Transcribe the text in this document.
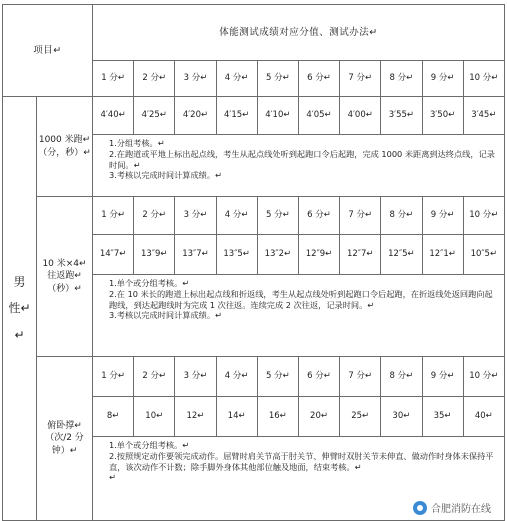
项目↵		体能测试成绩对应分值、测试办法↵									
		1 分↵	2 分↵	3 分↵	4 分↵	5 分↵	6 分↵	7 分↵	8 分↵	9 分↵	10 分↵
男
性↵
↵	1000 米跑↵
（分，秒）↵	4′40↵	4′25↵	4′20↵	4′15↵	4′10↵	4′05↵	4′00↵	3′55↵	3′50↵	3′45↵

		1.分组考核。↵

2.在跑道或平地上标出起点线，考生从起点线处听到起跑口令后起跑，完成 1000 米距离到达终点线，记录时间。↵

3.考核以完成时间计算成绩。↵									

	10 米×4↵
往返跑↵
（秒）↵	1 分↵	2 分↵	3 分↵	4 分↵	5 分↵	6 分↵	7 分↵	8 分↵	9 分↵	10 分↵
		14″7↵	13″9↵	13″7↵	13″5↵	13″2↵	12″9↵	12″7↵	12″5↵	12″1↵	10″5↵

		1.单个或分组考核。↵

2.在 10 米长的跑道上标出起点线和折返线，考生从起点线处听到起跑口令后起跑，在折返线处返回跑向起跑线，到达起跑线时为完成 1 次往返。连续完成 2 次往返，记录时间。↵

3.考核以完成时间计算成绩。↵									

	俯卧撑↵
（次/2 分
钟）↵	1 分↵	2 分↵	3 分↵	4 分↵	5 分↵	6 分↵	7 分↵	8 分↵	9 分↵	10 分↵
		8↵	10↵	12↵	14↵	16↵	20↵	25↵	30↵	35↵	40↵

		1.单个或分组考核。↵

2.按照规定动作要领完成动作。屈臂时肩关节高于肘关节、伸臂时双肘关节未伸直、做动作时身体未保持平直，该次动作不计数；除手脚外身体其他部位触及地面，结束考核。↵

↵									

合肥消防在线
